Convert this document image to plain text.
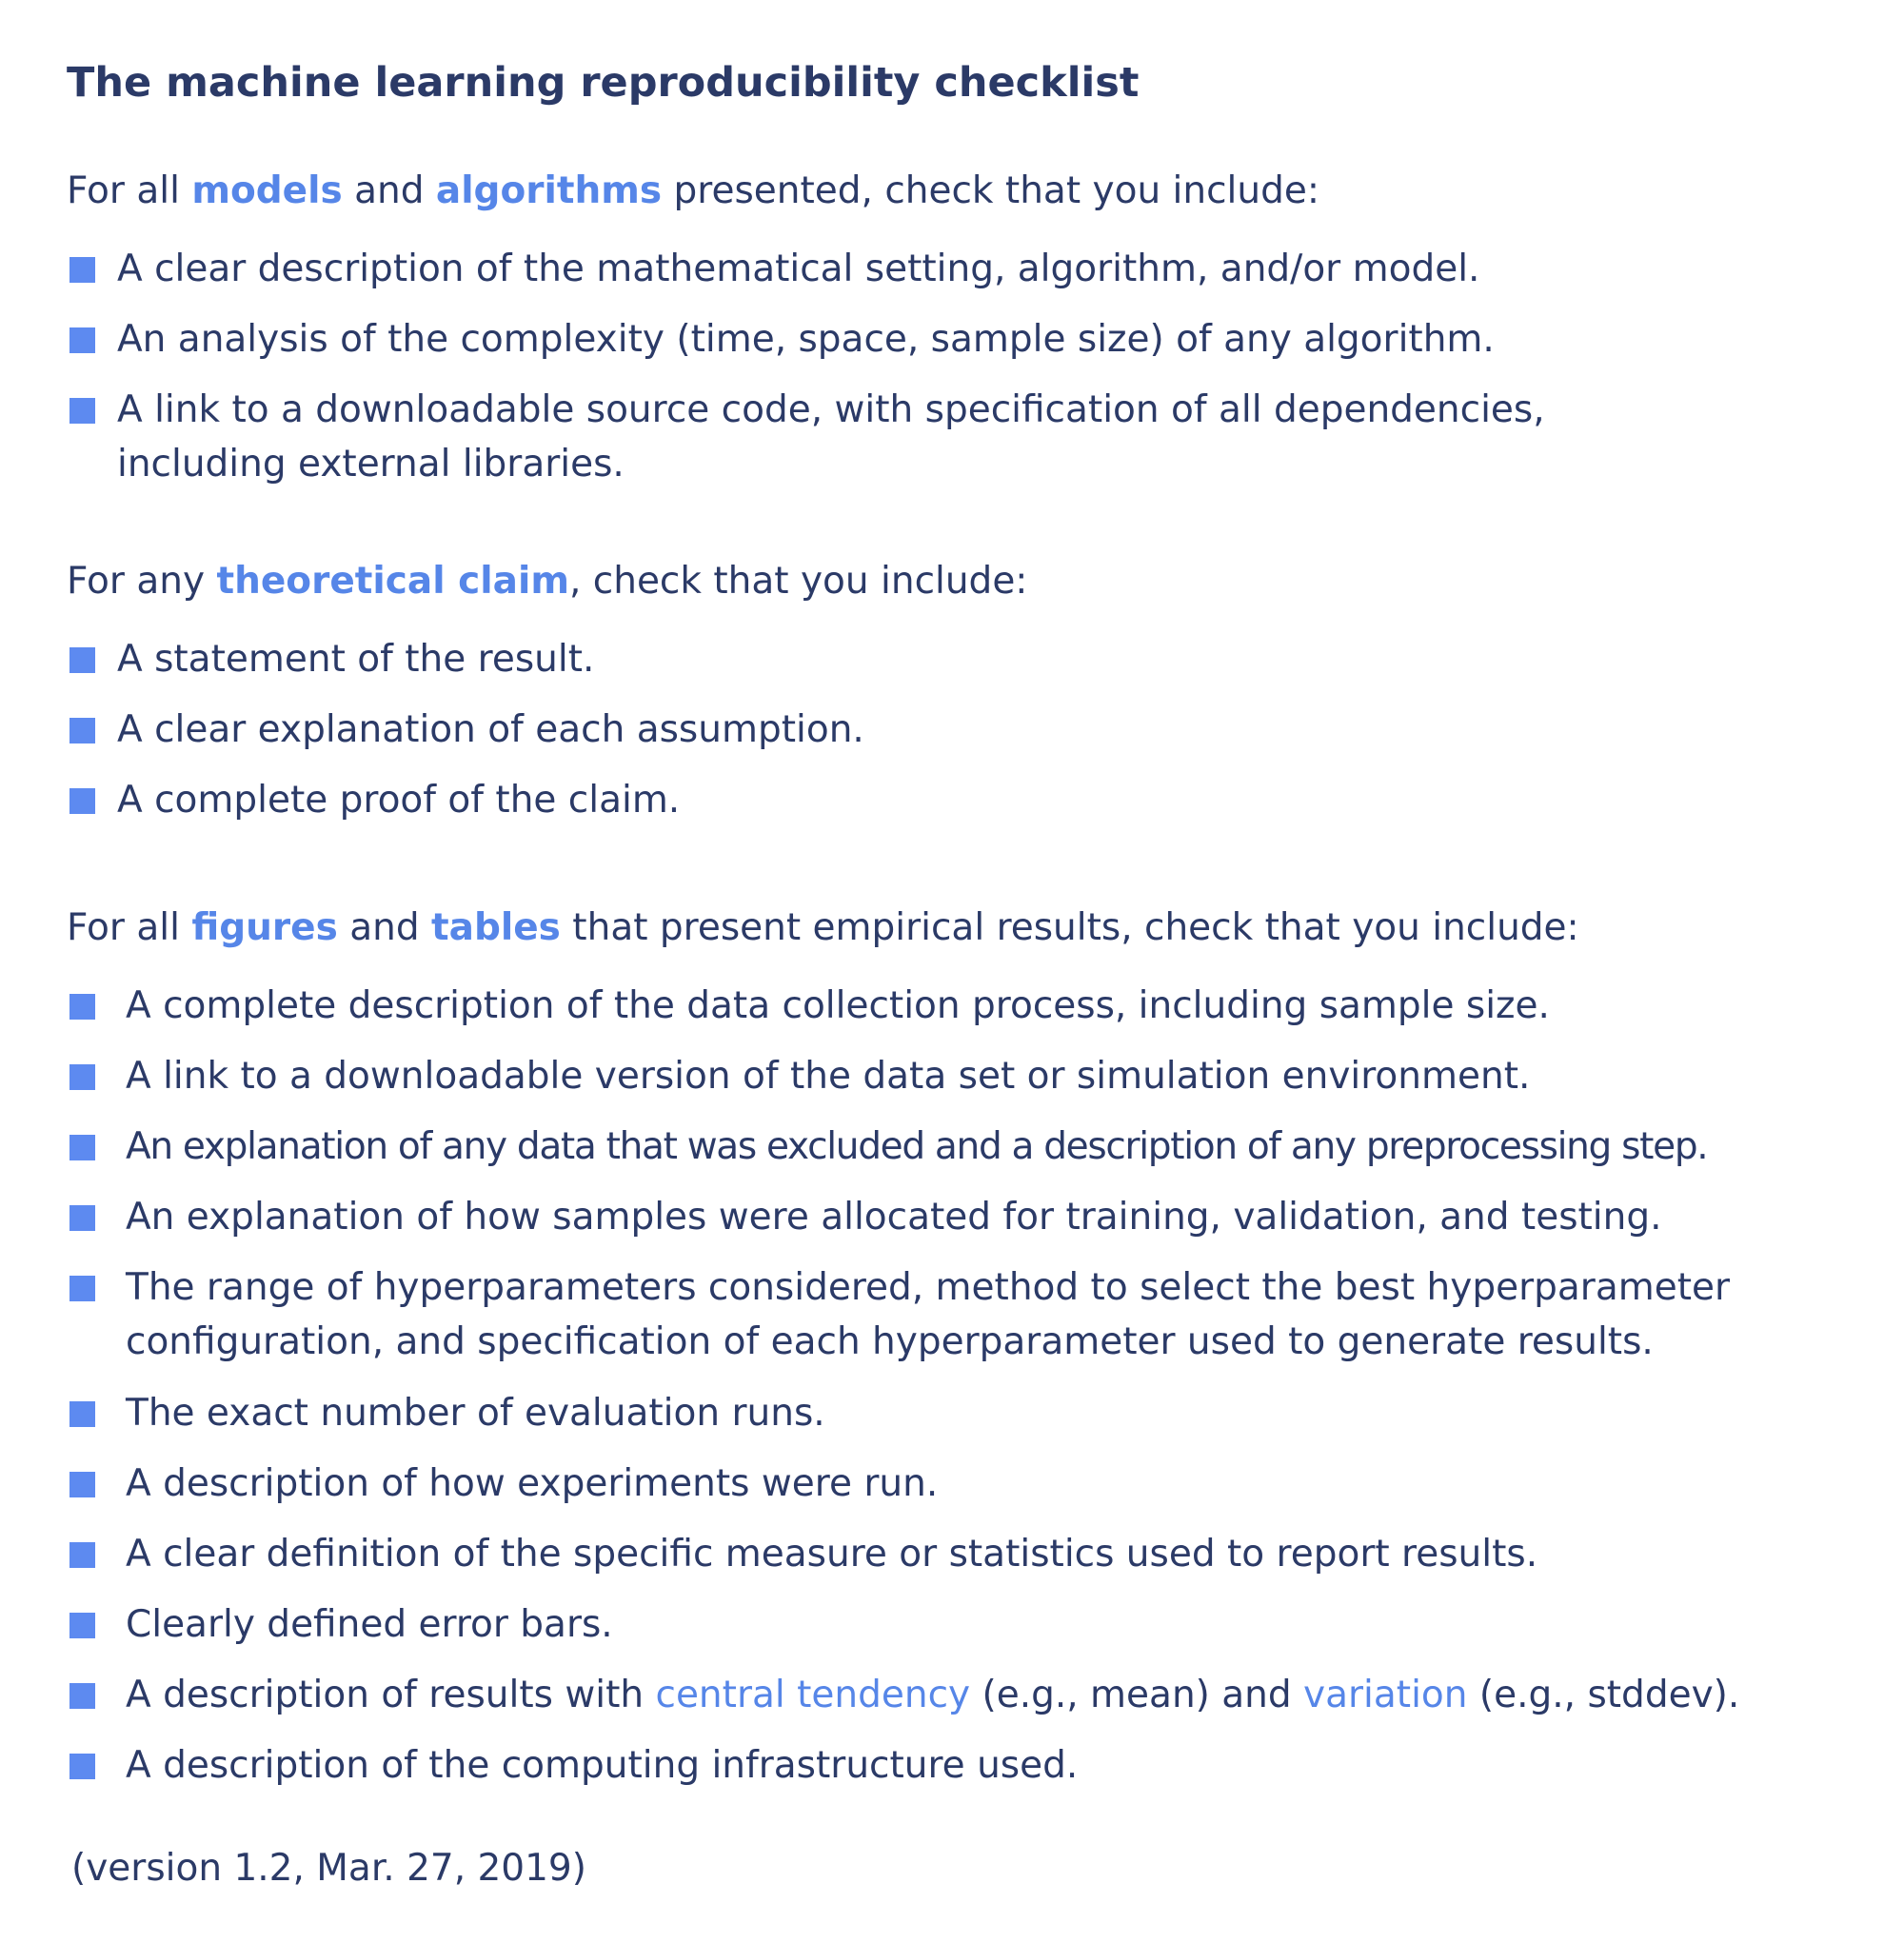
The machine learning reproducibility checklist

For all models and algorithms presented, check that you include:

A clear description of the mathematical setting, algorithm, and/or model.
An analysis of the complexity (time, space, sample size) of any algorithm.
A link to a downloadable source code, with specification of all dependencies,
including external libraries.

For any theoretical claim, check that you include:

A statement of the result.
A clear explanation of each assumption.
A complete proof of the claim.

For all figures and tables that present empirical results, check that you include:

A complete description of the data collection process, including sample size.
A link to a downloadable version of the data set or simulation environment.
An explanation of any data that was excluded and a description of any preprocessing step.
An explanation of how samples were allocated for training, validation, and testing.
The range of hyperparameters considered, method to select the best hyperparameter
configuration, and specification of each hyperparameter used to generate results.
The exact number of evaluation runs.
A description of how experiments were run.
A clear definition of the specific measure or statistics used to report results.
Clearly defined error bars.
A description of results with central tendency (e.g., mean) and variation (e.g., stddev).
A description of the computing infrastructure used.

(version 1.2, Mar. 27, 2019)
